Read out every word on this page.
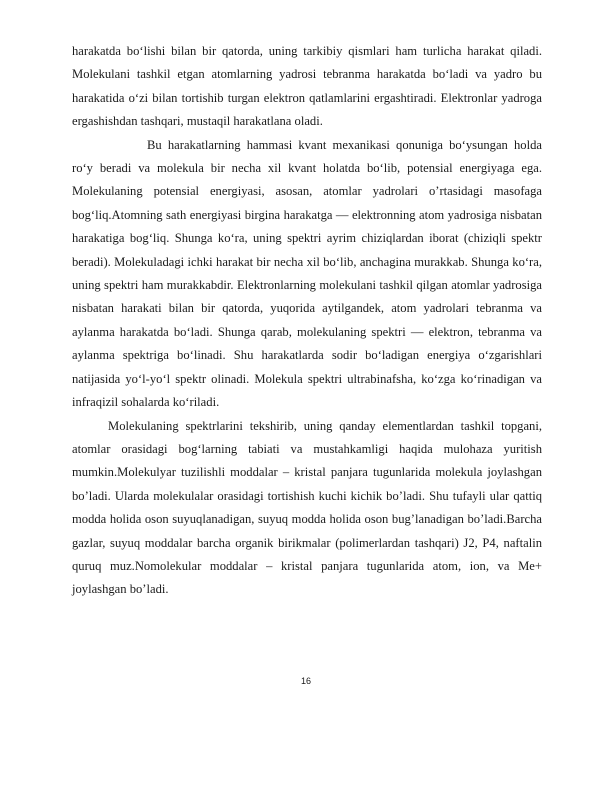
harakatda boʻlishi bilan bir qatorda, uning tarkibiy qismlari ham turlicha harakat qiladi. Molekulani tashkil etgan atomlarning yadrosi tebranma harakatda boʻladi va yadro bu harakatida oʻzi bilan tortishib turgan elektron qatlamlarini ergashtiradi. Elektronlar yadroga ergashishdan tashqari, mustaqil harakatlana oladi.

Bu harakatlarning hammasi kvant mexanikasi qonuniga boʻysungan holda roʻy beradi va molekula bir necha xil kvant holatda boʻlib, potensial energiyaga ega. Molekulaning potensial energiyasi, asosan, atomlar yadrolari o’rtasidagi masofaga bogʻliq.Atomning sath energiyasi birgina harakatga — elektronning atom yadrosiga nisbatan harakatiga bogʻliq. Shunga koʻra, uning spektri ayrim chiziqlardan iborat (chiziqli spektr beradi). Molekuladagi ichki harakat bir necha xil boʻlib, anchagina murakkab. Shunga koʻra, uning spektri ham murakkabdir. Elektronlarning molekulani tashkil qilgan atomlar yadrosiga nisbatan harakati bilan bir qatorda, yuqorida aytilgandek, atom yadrolari tebranma va aylanma harakatda boʻladi. Shunga qarab, molekulaning spektri — elektron, tebranma va aylanma spektriga boʻlinadi. Shu harakatlarda sodir boʻladigan energiya oʻzgarishlari natijasida yoʻl-yoʻl spektr olinadi. Molekula spektri ultrabinafsha, koʻzga koʻrinadigan va infraqizil sohalarda koʻriladi.

Molekulaning spektrlarini tekshirib, uning qanday elementlardan tashkil topgani, atomlar orasidagi bogʻlarning tabiati va mustahkamligi haqida mulohaza yuritish mumkin.Molekulyar tuzilishli moddalar – kristal panjara tugunlarida molekula joylashgan bo’ladi. Ularda molekulalar orasidagi tortishish kuchi kichik bo’ladi. Shu tufayli ular qattiq modda holida oson suyuqlanadigan, suyuq modda holida oson bug’lanadigan bo’ladi.Barcha gazlar, suyuq moddalar barcha organik birikmalar (polimerlardan tashqari) J2, P4, naftalin quruq muz.Nomolekular moddalar – kristal panjara tugunlarida atom, ion, va Me+ joylashgan bo’ladi.

16
